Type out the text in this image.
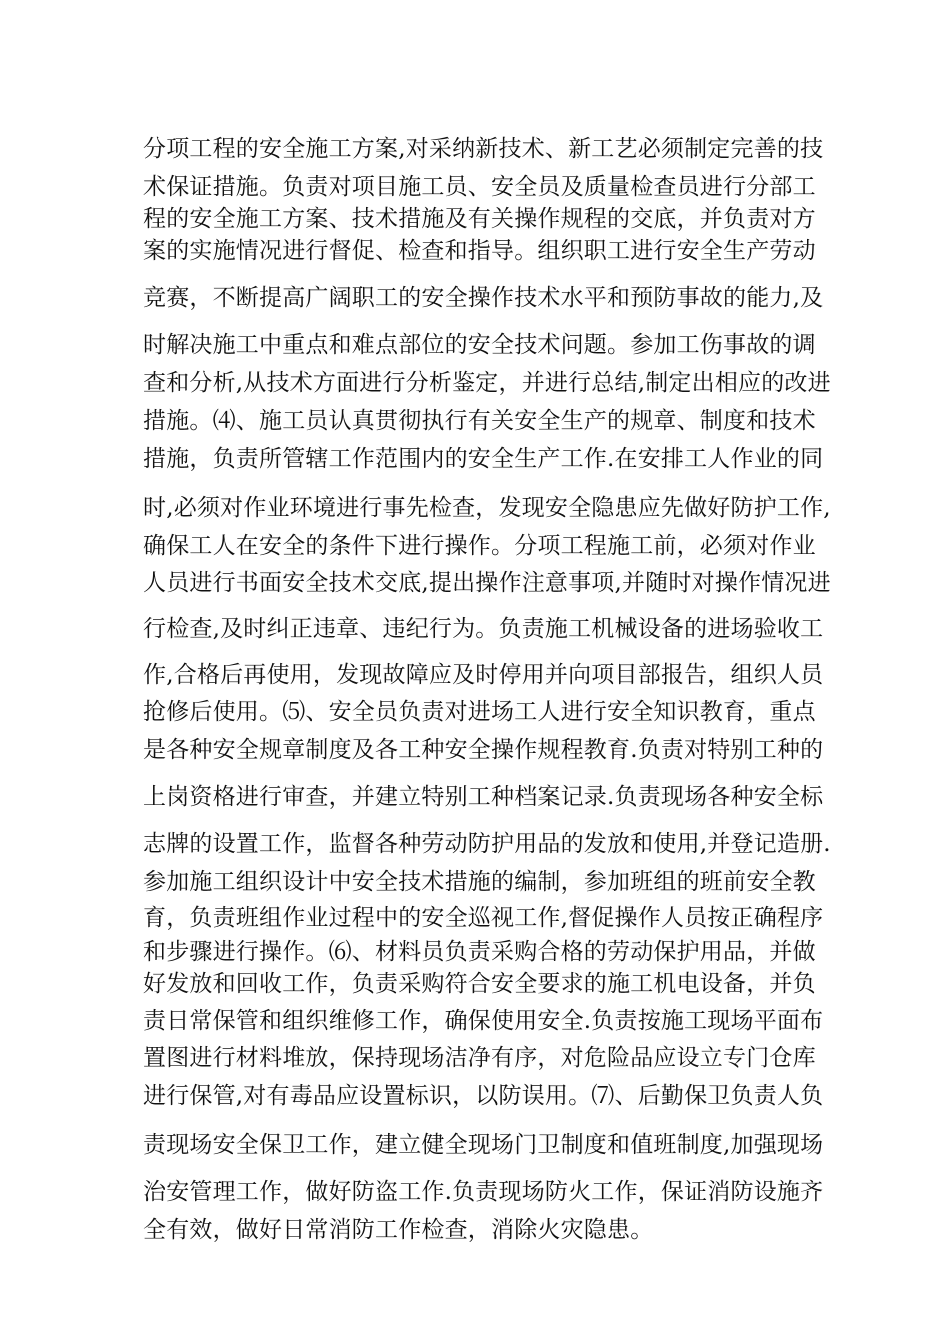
分项工程的安全施工方案,对采纳新技术、新工艺必须制定完善的技
术保证措施。负责对项目施工员、安全员及质量检查员进行分部工
程的安全施工方案、技术措施及有关操作规程的交底，并负责对方
案的实施情况进行督促、检查和指导。组织职工进行安全生产劳动
竞赛，不断提高广阔职工的安全操作技术水平和预防事故的能力,及
时解决施工中重点和难点部位的安全技术问题。参加工伤事故的调
查和分析,从技术方面进行分析鉴定，并进行总结,制定出相应的改进
措施。⑷、施工员认真贯彻执行有关安全生产的规章、制度和技术
措施，负责所管辖工作范围内的安全生产工作.在安排工人作业的同
时,必须对作业环境进行事先检查，发现安全隐患应先做好防护工作,
确保工人在安全的条件下进行操作。分项工程施工前，必须对作业
人员进行书面安全技术交底,提出操作注意事项,并随时对操作情况进
行检查,及时纠正违章、违纪行为。负责施工机械设备的进场验收工
作,合格后再使用，发现故障应及时停用并向项目部报告，组织人员
抢修后使用。⑸、安全员负责对进场工人进行安全知识教育，重点
是各种安全规章制度及各工种安全操作规程教育.负责对特别工种的
上岗资格进行审查，并建立特别工种档案记录.负责现场各种安全标
志牌的设置工作，监督各种劳动防护用品的发放和使用,并登记造册.
参加施工组织设计中安全技术措施的编制，参加班组的班前安全教
育，负责班组作业过程中的安全巡视工作,督促操作人员按正确程序
和步骤进行操作。⑹、材料员负责采购合格的劳动保护用品，并做
好发放和回收工作，负责采购符合安全要求的施工机电设备，并负
责日常保管和组织维修工作，确保使用安全.负责按施工现场平面布
置图进行材料堆放，保持现场洁净有序，对危险品应设立专门仓库
进行保管,对有毒品应设置标识，以防误用。⑺、后勤保卫负责人负
责现场安全保卫工作，建立健全现场门卫制度和值班制度,加强现场
治安管理工作，做好防盗工作.负责现场防火工作，保证消防设施齐
全有效，做好日常消防工作检查，消除火灾隐患。
